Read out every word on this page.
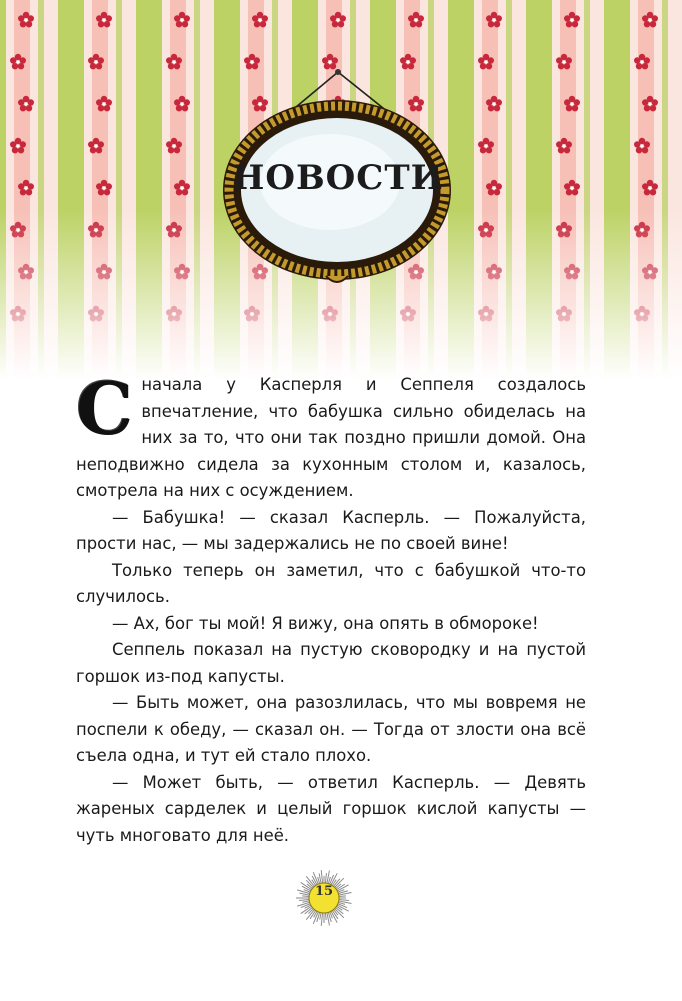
НОВОСТИ

Сначала у Касперля и Сеппеля создалось впечатление, что бабушка сильно обиделась на них за то, что они так поздно пришли домой. Она неподвижно сидела за кухонным столом и, казалось, смотрела на них с осуждением.

— Бабушка! — сказал Касперль. — Пожалуйста, прости нас, — мы задержались не по своей вине!

Только теперь он заметил, что с бабушкой что-то случилось.

— Ах, бог ты мой! Я вижу, она опять в обмороке!

Сеппель показал на пустую сковородку и на пустой горшок из-под капусты.

— Быть может, она разозлилась, что мы вовремя не поспели к обеду, — сказал он. — Тогда от злости она всё съела одна, и тут ей стало плохо.

— Может быть, — ответил Касперль. — Девять жареных сарделек и целый горшок кислой капусты — чуть многовато для неё.

15
